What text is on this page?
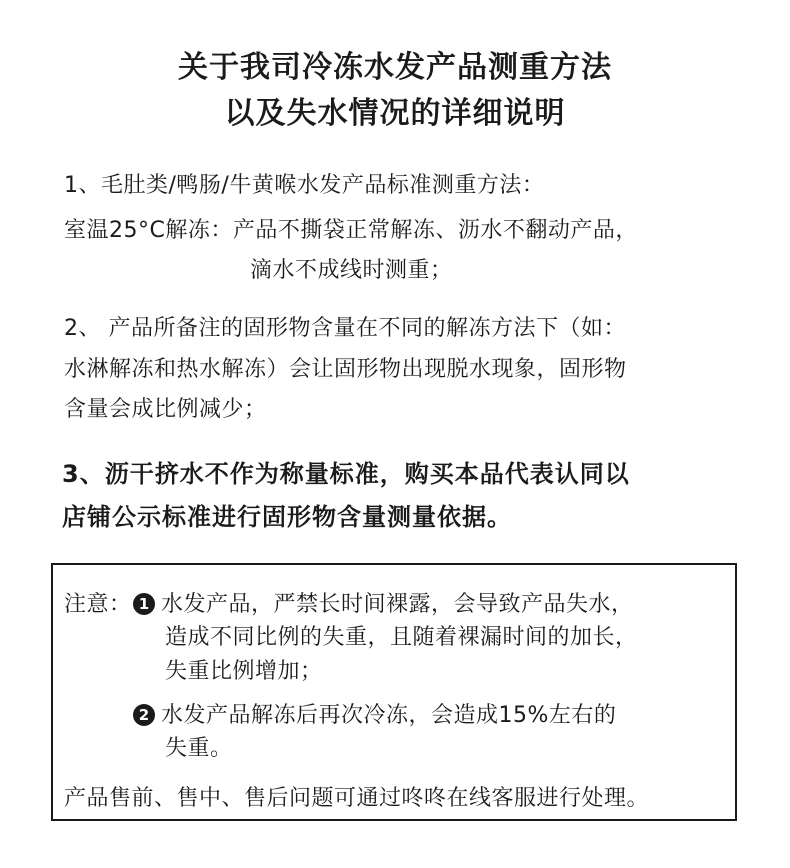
关于我司冷冻水发产品测重方法
以及失水情况的详细说明
1、毛肚类/鸭肠/牛黄喉水发产品标准测重方法：
室温25°C解冻：产品不撕袋正常解冻、沥水不翻动产品，
滴水不成线时测重；
2、 产品所备注的固形物含量在不同的解冻方法下（如：
水淋解冻和热水解冻）会让固形物出现脱水现象，固形物
含量会成比例减少；
3、沥干挤水不作为称量标准，购买本品代表认同以
店铺公示标准进行固形物含量测量依据。
注意： 1 水发产品，严禁长时间裸露，会导致产品失水，
造成不同比例的失重，且随着裸漏时间的加长，
失重比例增加；
2 水发产品解冻后再次冷冻，会造成15%左右的
失重。
产品售前、售中、售后问题可通过咚咚在线客服进行处理。
